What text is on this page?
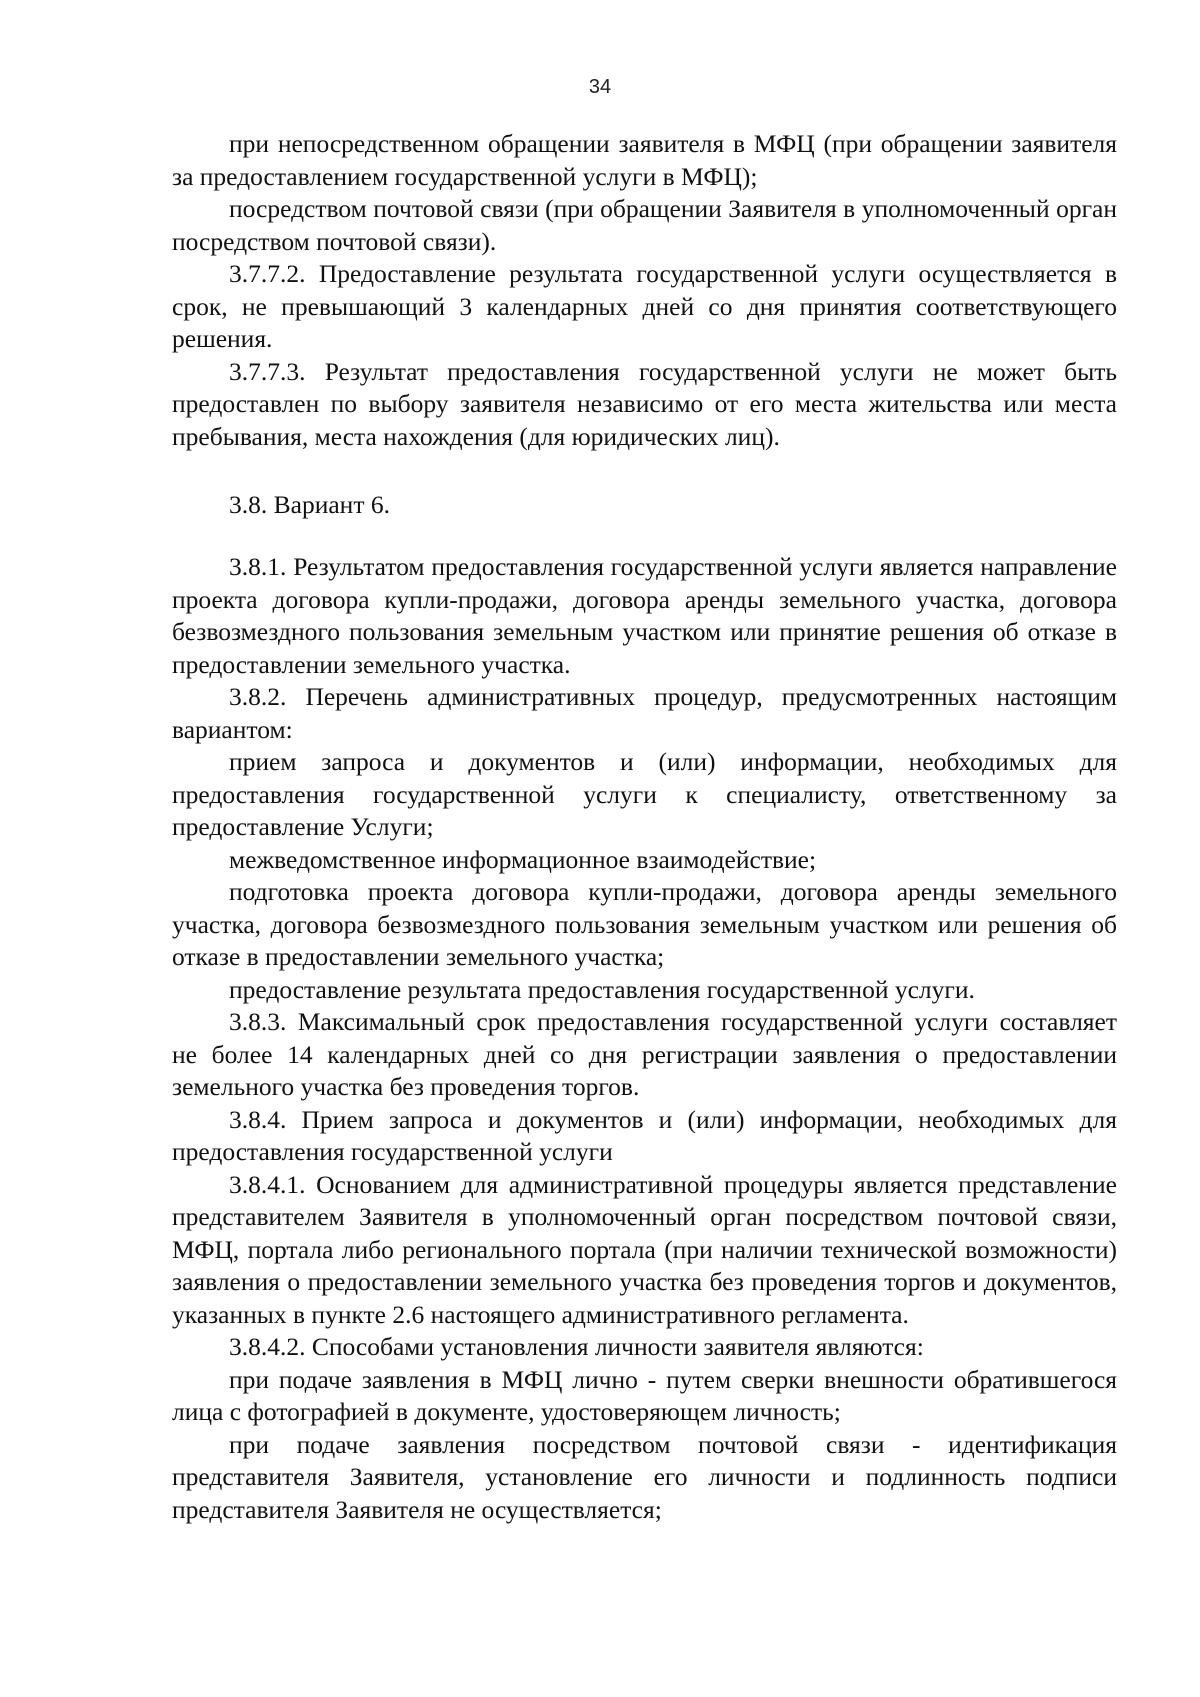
34

при непосредственном обращении заявителя в МФЦ (при обращении заявителя за предоставлением государственной услуги в МФЦ);

посредством почтовой связи (при обращении Заявителя в уполномоченный орган посредством почтовой связи).

3.7.7.2. Предоставление результата государственной услуги осуществляется в срок, не превышающий 3 календарных дней со дня принятия соответствующего решения.

3.7.7.3. Результат предоставления государственной услуги не может быть предоставлен по выбору заявителя независимо от его места жительства или места пребывания, места нахождения (для юридических лиц).

3.8. Вариант 6.

3.8.1. Результатом предоставления государственной услуги является направление проекта договора купли-продажи, договора аренды земельного участка, договора безвозмездного пользования земельным участком или принятие решения об отказе в предоставлении земельного участка.

3.8.2. Перечень административных процедур, предусмотренных настоящим вариантом:

прием запроса и документов и (или) информации, необходимых для предоставления государственной услуги к специалисту, ответственному за предоставление Услуги;

межведомственное информационное взаимодействие;

подготовка проекта договора купли-продажи, договора аренды земельного участка, договора безвозмездного пользования земельным участком или решения об отказе в предоставлении земельного участка;

предоставление результата предоставления государственной услуги.

3.8.3. Максимальный срок предоставления государственной услуги составляет не более 14 календарных дней со дня регистрации заявления о предоставлении земельного участка без проведения торгов.

3.8.4. Прием запроса и документов и (или) информации, необходимых для предоставления государственной услуги

3.8.4.1. Основанием для административной процедуры является представление представителем Заявителя в уполномоченный орган посредством почтовой связи, МФЦ, портала либо регионального портала (при наличии технической возможности) заявления о предоставлении земельного участка без проведения торгов и документов, указанных в пункте 2.6 настоящего административного регламента.

3.8.4.2. Способами установления личности заявителя являются:

при подаче заявления в МФЦ лично - путем сверки внешности обратившегося лица с фотографией в документе, удостоверяющем личность;

при подаче заявления посредством почтовой связи - идентификация представителя Заявителя, установление его личности и подлинность подписи представителя Заявителя не осуществляется;
